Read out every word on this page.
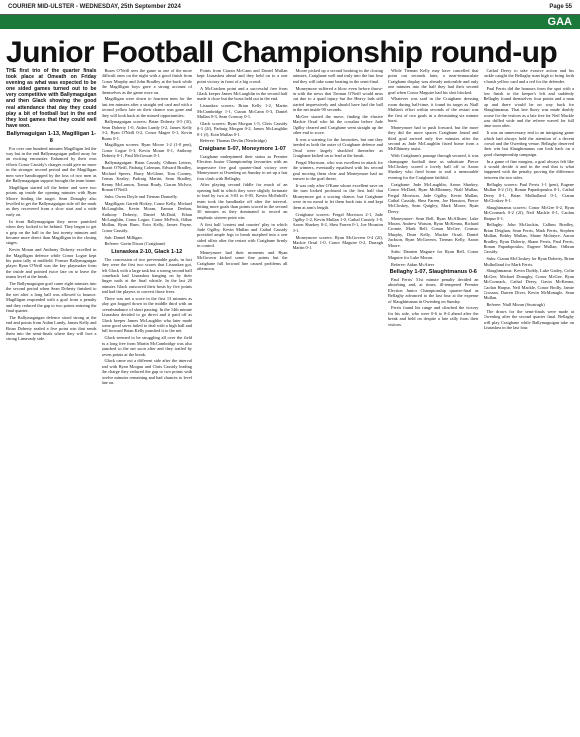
COURIER MID-ULSTER - WEDNESDAY, 25th September 2024	Page 55
GAA
Junior Football Championship round-up

THE first trio of the quarter finals took place at Omeath on Friday evening as what was expected to be one sided games turned out to be very competitive with Ballymaguigan and then Glack showing the good real attendance that day they could play a bit of football but in the end they lost games that they could well have won.

Ballymaguigan 1-13, Magilligan 1-8

For over one hundred minutes Magilligan led the way but in the end Ballymaguigan pulled away for an exciting encounter. Enhanced by their own efforts Conor Cassidy's charges could give no more in the stronger second period and the Magilligan men were handicapped by the loss of two men as the Ballymaguigan support brought the team home.

Magilligan started off the better and were two points up inside the opening minutes with Ryan Moore finding the target. Sean Donaghy also levelled to get the Ballymaguigan side off the mark as they recovered from a slow start and a wide early on.

In front Ballymaguigan they never panicked when they looked to be behind. They began to get a grip on the ball in the last twenty minutes and became more direct than Magilligan in the closing stages.

Kevin Moran and Anthony Doherty excelled in the Magilligan defence while Conor Logue kept his point tally at midfield. Former Ballymaguigan player Ryan O'Neill was the key playmaker from the inside and pointed twice late on to leave the teams level at the break.

The Ballymaguigan goal came eight minutes into the second period when Sean Doherty finished to the net after a long ball was allowed to bounce. Magilligan responded with a goal from a penalty and they reduced the gap to two points entering the final quarter.

The Ballymaguigan defence stood strong at the end and points from Aidan Lundy, James Kelly and Brian Doherty sealed a five point win that sends them into the semi-finals where they will face a strong Limavady side.

Buses O'Neill sees the game as one of the more difficult ones on the night with a good finish from Conor Murphy and John Bradley at the back while the Magilligan boys gave a strong account of themselves as the game wore on.

Magilligan were down to fourteen men for the last ten minutes after a straight red card and with a second yellow late on their chance was gone and they will look back at the missed opportunities.

Ballymaguigan scorers: Brian Doherty 0-5 (3f), Sean Doherty 1-0, Aidan Lundy 0-2, James Kelly 0-2, Ryan O'Neill 0-2, Conor Magee 0-1, Kevin Burns 0-1.

Magilligan scorers: Ryan Moore 1-2 (1-0 pen), Conor Logue 0-3, Kevin Moran 0-1, Anthony Doherty 0-1, Paul McGowan 0-1.

Ballymaguigan: Brian Cassidy, Odhran Letters, Ruairi O'Neill, Padraig Coleman, Edward Bradley, Michael Speers, Barry McGlone, Tom Cooney, Tomas Kealey, Padraig Martin, Sean Bradley, Kenny McLarnon, Tomas Brady, Ciaran McIvor, Ronan O'Neill.

Subs: Owen Doyle and Tiernan Donnelly.

Magilligan: Gareth Hickey, Conor Kelly, Michael McLaughlin, Kevin Moran, Eamon Deehan, Anthony Doherty, Daniel McDaid, Ethan McLaughlin, Conor Logue, Conor McPeck, Odhar Mullan, Ryan Burn, Eoin Kelly, James Payne, Conor Cassidy.

Sub: Daniel Milligan.

Referee: Gavin Dixon (Craigbane)

Lisnaskea 2-10, Glack 1-12

The concession of two preventable goals, in fact they were the first two scores that Lisnaskea got, left Glack with a large task but a strong second half comeback had Lisnaskea hanging on by their finger nails at the final whistle. In the last 20 minutes Glack outscored their hosts by five points and had the players to convert those frees.

There was not a score in the first 13 minutes as play got bogged down in the middle third with an overabundance of short passing. In the 14th minute Lisnaskea decided to go direct and it paid off as Glack keeper James McLaughlin who later made some good saves failed to deal with a high ball and full forward Brian Kelly punched it to the net.

Glack seemed to be struggling all over the field as a long free from Martin McCambridge was also punched to the net soon after and they trailed by seven points at the break.

Glack came out a different side after the interval and with Ryan Morgan and Chris Cassidy leading the charge they reduced the gap to two points with twelve minutes remaining and had chances to level late on.

Points from Ciaran McCann and Daniel Mullan kept Lisnaskea ahead and they held on to a one point victory in front of a big crowd.

A McCracken point and a successful free from Glack keeper James McLaughlin in the second half made it close but the hosts held out in the end.

Lisnaskea scorers: Brian Kelly 1-2, Martin McCambridge 1-1, Ciaran McCann 0-3, Daniel Mullan 0-3, Sean Conway 0-1.

Glack scorers: Ryan Morgan 1-5, Chris Cassidy 0-3 (2f), Padraig Morgan 0-2, James McLaughlin 0-1 (f), Eoin Mullan 0-1.

Referee: Thomas Devlin (Newbridge)

Craigbane 5-07, Moneymore 1-07

Craigbane underpinned their status as Premier Election Junior Championship favourites with an impressive five goal quarter-final victory over Moneymore at Owenbeg on Sunday to set up a last four clash with Bellaghy.

After playing second fiddle for much of an opening half in which they were slightly fortunate to lead by two at 3-03 to 0-05, Kevin McEnhill's team took the handbrake off after the interval, hitting more goals than points scored in the second 30 minutes as they dominated to record an emphatic sixteen point win.

A first half 'contest and counter' play in which Jude Ogilby, Kevin Mullan and Cathal Cassidy provided ample legs to break morphed into a one sided affair after the restart with Craigbane firmly in control.

Moneymore had their moments and Ryan McGovern kicked some fine points but the Craigbane full forward line caused problems all afternoon.

Moore picked up a second booking in the closing minutes, Craigbane well and truly into the last four and they will take some beating in the semi-final.

Moneymore suffered a blow even before throw-in with the news that Tiernan O'Neill would miss out due to a quad injury but the Heavy lads still started impressively and should have had the ball in the net inside 90 seconds.

McGee started the move, finding the elusive Mackie Orsal who hit the crossbar before Jude Ogilby cleared and Craigbane went straight up the other end to score.

It was a warning for the favourites, but one they heeded as both the outer of Craigbane defence and Orsal were largely shackled thereafter as Craigbane kicked on to lead at the break.

Fergal Morrison, who was excellent in attack for the winners, eventually equalised with his second goal moving them clear and Moneymore had no answer to the goal threat.

It was only after O'Kane whose excellent save on the turn looked profound in the first half that Moneymore got a scoring chance, but Craigbane were in no mood to let them back into it and kept them at arm's length.

Craigbane scorers: Fergal Morrison 2-1, Jude Ogilby 1-2, Kevin Mullan 1-0, Cathal Cassidy 1-0, Aaron Sharkey 0-2, Shea Farren 0-1, Joe Houston 0-1.

Moneymore scorers: Ryan McGovern 0-4 (2f), Mackie Orsal 1-0, Conor Maguire 0-2, Darragh Martin 0-1.

While Tiernan Kelly may have cancelled that point out seconds later, a near-immaculate Craigbane display was already noticeable and only one minutes into the half they had their second goal when Conor Maguire had his shot blocked.

Whatever was said in the Craigbane dressing room during half-time, it found its target as Niall Mullan's effort within seconds of the restart was the first of two goals in a devastating six minute burst.

Moneymore had to push forward, but the more they did the more spaces Craigbane found and third goal arrived only five minutes after the second as Jude McLaughlin fisted home from a McElhinney assist.

With Craigbane's passage through secured, it was champagne football time as substitute Pierce McCloskey scored a lovely ball off to Aaron Sharkey who fired home to seal a memorable evening for the Craigbane faithful.

Craigbane: Jude McLaughlin, Aaron Sharkey, Conor McDaid, Ryan McElhinney, Niall Mullan, Fergal Morrison, Jude Ogilby, Kevin Mullan, Cathal Cassidy, Shea Farren, Joe Houston, Pierce McCloskey, Sean Quigley, Mark Moore, Ryan Deery.

Moneymore: Sean Bell, Ryan McAllister, Luke Moran, Andrew Watson, Ryan McKenna, Richard Cromie, Mark Bell, Conan McGee, Cormac Murphy, Dean Kelly, Mackie Orsal, Daniel Jackson, Ryan McGovern, Tiernan Kelly, Aaron Moore.

Subs: Damien Maguire for Ryan Bell, Conor Maguire for Luke Moran.

Referee: Aidan McAteer

Bellaghy 1-07, Slaughtmanus 0-6

Paul Ferris' 51st minute penalty decided an absorbing and, at times, ill-tempered Premier Election Junior Championship quarter-final as Bellaghy advanced to the last four at the expense of Slaughtmanus in Owenbeg on Sunday.

Ferris found his range and clinched the victory for his side, who were 0-6 to 0-4 ahead after the break and held on despite a late rally from their visitors.

Cathal Deery to take evasive action and his tackle caught the Bellaghy man high to bring forth a harsh yellow card and a red for the defender.

Paul Ferris did the honours from the spot with a low finish to the keeper's left and suddenly Bellaghy found themselves four points and a man up and there would be no way back for Slaughtmanus. That late flurry was made doubly worse for the visitors as a late free for Neil Mackle was drilled wide and the referee waved for full time soon after.

It was an unnecessary end to an intriguing game which had always held the attention of a decent crowd and the Owenbeg venue. Bellaghy deserved their win but Slaughtmanus can look back on a good championship campaign.

In a game of fine margins, a goal always felt like it would decide it and in the end that is what happened with the penalty proving the difference between the two sides.

Bellaghy scorers: Paul Ferris 1-1 (pen), Eugene Mullan 0-2 (1f), Ronan Papadopoulos 0-1, Cathal Deery 0-1, Brian Mulholland 0-1, Ciaran McCloskey 0-1.

Slaughtmanus scorers: Conor McGee 0-2, Ryan McCormack 0-2 (2f), Neil Mackle 0-1, Caolan Harpur 0-1.

Bellaghy: John McGuckin, Callum Bradley, Brian Deighan, Sean Ferris, Mark Ferris, Stephen Mullan, Bobby Mullan, Shane McIntyre, Aaron Bradley, Ryan Doherty, Shane Ferris, Paul Ferris, Ronan Papadopoulos, Eugene Mullan, Odhran Cassidy.

Subs: Ciaran McCloskey for Ryan Doherty, Brian Mulholland for Mark Ferris.

Slaughtmanus: Kevin Doddy, Luke Gailey, Colin McGee, Michael Donaghy, Conor McGee, Ryan McCormack, Cathal Deery, Gavin McKenna, Caolan Harpur, Neil Mackle, Conor Brolly, Jamie Crossan, Darren Diver, Kevin McMonagle, Sean Mullan.

Referee: Niall Moran (Swatragh)

The draws for the semi-finals were made at Owenbeg after the second quarter final. Bellaghy will play Craigbane while Ballymaguigan take on Lisnaskea in the last four.
